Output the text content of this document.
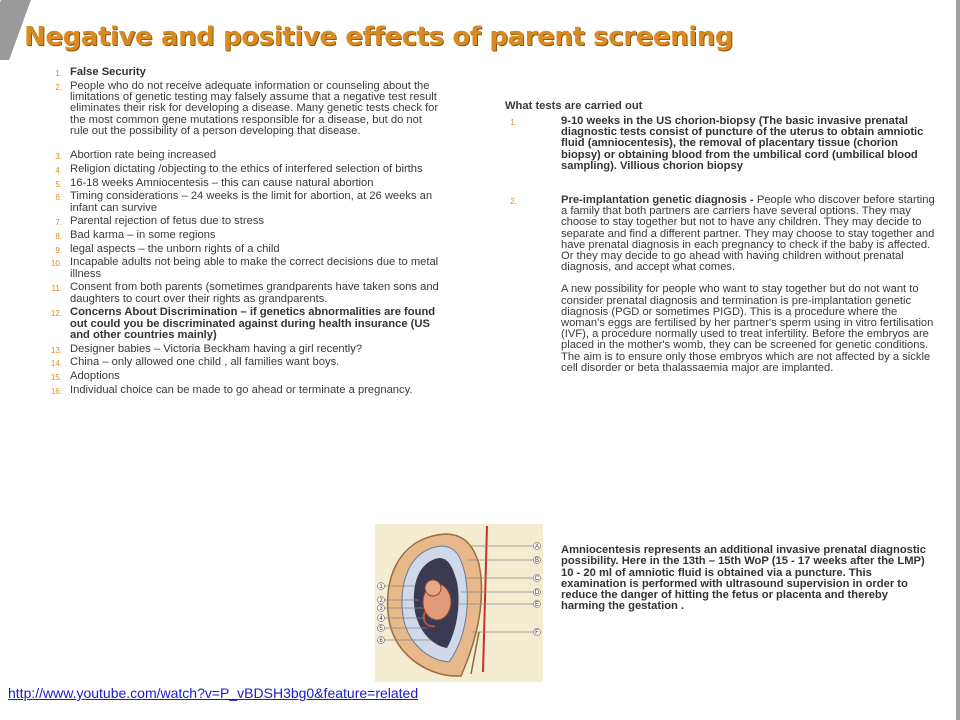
Negative and positive effects of parent screening
1. False Security
2. People who do not receive adequate information or counseling about the limitations of genetic testing may falsely assume that a negative test result eliminates their risk for developing a disease. Many genetic tests check for the most common gene mutations responsible for a disease, but do not rule out the possibility of a person developing that disease.
3. Abortion rate being increased
4. Religion dictating /objecting to the ethics of interfered selection of births
5. 16-18 weeks Amniocentesis – this can cause natural abortion
6. Timing considerations – 24 weeks is the limit for abortion, at 26 weeks an infant can survive
7. Parental rejection of fetus due to stress
8. Bad karma – in some regions
9. legal aspects – the unborn rights of a child
10. Incapable adults not being able to make the correct decisions due to metal illness
11. Consent from both parents (sometimes grandparents have taken sons and daughters to court over their rights as grandparents.
12. Concerns About Discrimination – if genetics abnormalities are found out could you be discriminated against during health insurance (US and other countries mainly)
13. Designer babies – Victoria Beckham having a girl recently?
14. China – only allowed one child , all families want boys.
15. Adoptions
16. Individual choice can be made to go ahead or terminate a pregnancy.
What tests are carried out
1.	9-10 weeks in the US chorion-biopsy (The basic invasive prenatal diagnostic tests consist of puncture of the uterus to obtain amniotic fluid (amniocentesis), the removal of placentary tissue (chorion biopsy) or obtaining blood from the umbilical cord (umbilical blood sampling). Villious chorion biopsy
2.	Pre-implantation genetic diagnosis - People who discover before starting a family that both partners are carriers have several options. They may choose to stay together but not to have any children. They may decide to separate and find a different partner. They may choose to stay together and have prenatal diagnosis in each pregnancy to check if the baby is affected. Or they may decide to go ahead with having children without prenatal diagnosis, and accept what comes.
A new possibility for people who want to stay together but do not want to consider prenatal diagnosis and termination is pre-implantation genetic diagnosis (PGD or sometimes PIGD). This is a procedure where the woman's eggs are fertilised by her partner's sperm using in vitro fertilisation (IVF), a procedure normally used to treat infertility. Before the embryos are placed in the mother's womb, they can be screened for genetic conditions. The aim is to ensure only those embryos which are not affected by a sickle cell disorder or beta thalassaemia major are implanted.
Amniocentesis represents an additional invasive prenatal diagnostic possibility. Here in the 13th – 15th WoP (15 - 17 weeks after the LMP) 10 - 20 ml of amniotic fluid is obtained via a puncture. This examination is performed with ultrasound supervision in order to reduce the danger of hitting the fetus or placenta and thereby harming the gestation .
1
2
3
4
5
6
A
B
C
D
E
F
http://www.youtube.com/watch?v=P_vBDSH3bg0&feature=related
